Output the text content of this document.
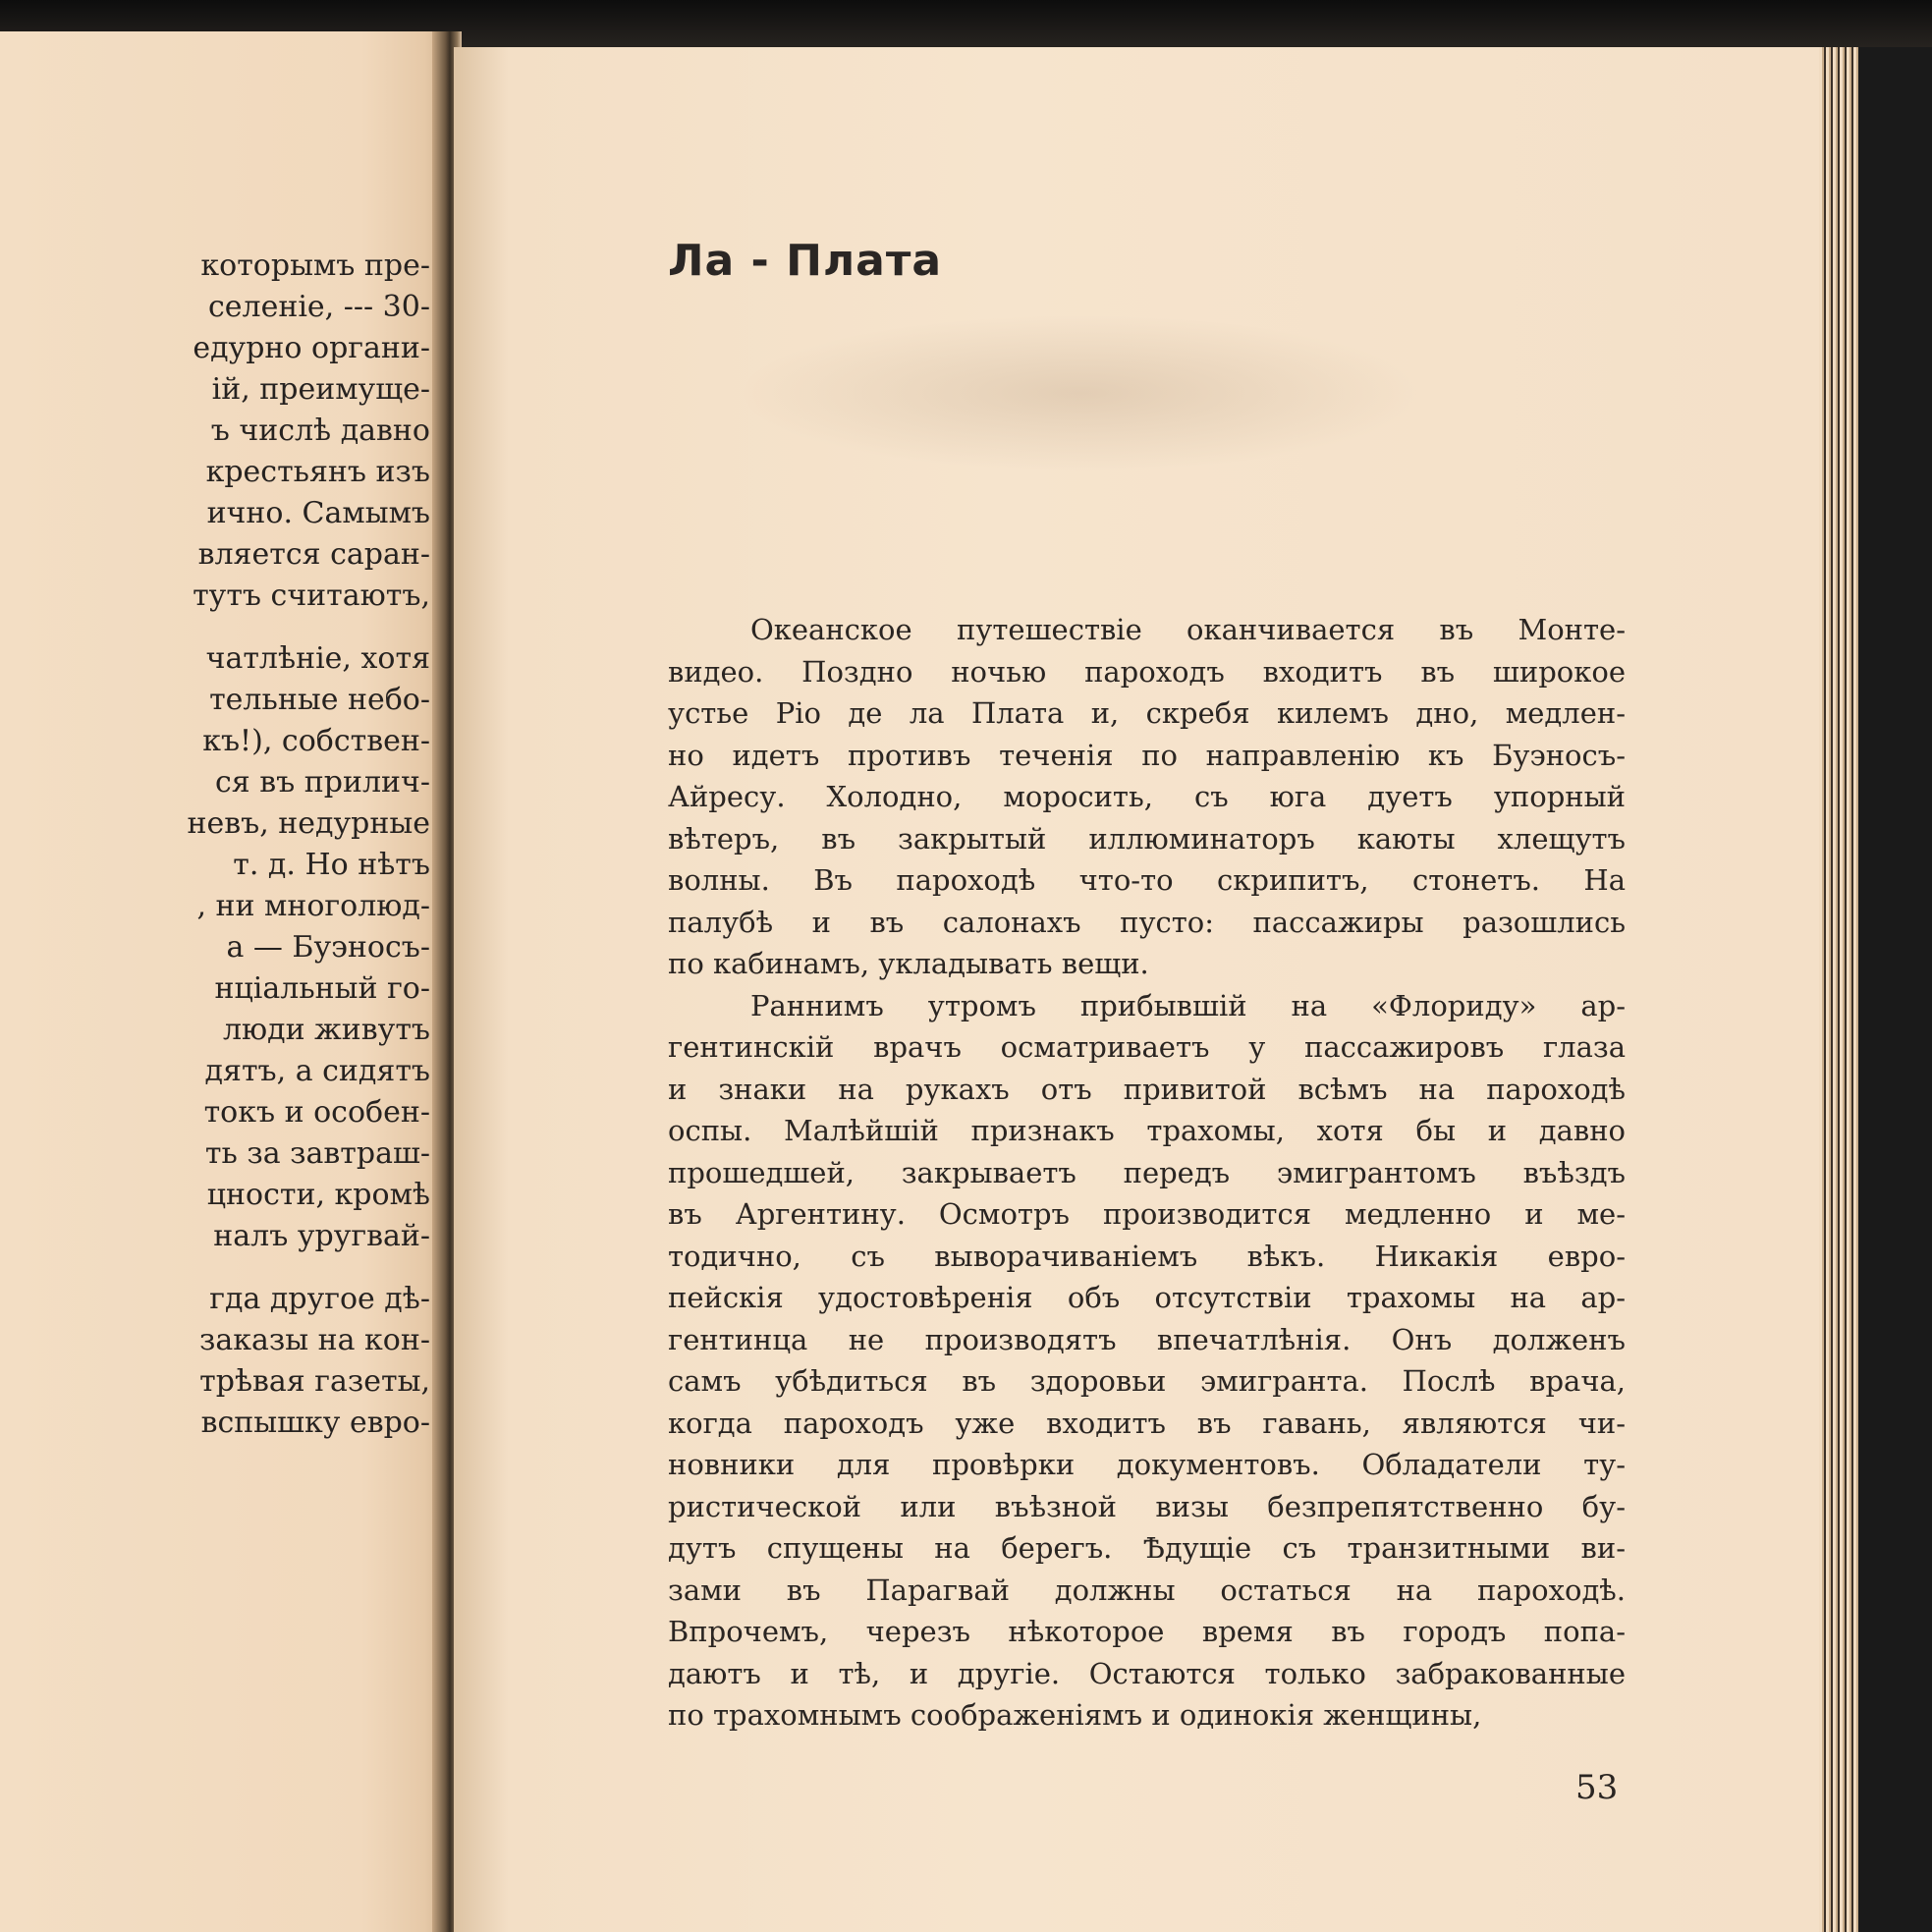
которымъ пре-
селеніе, --- 30-
едурно органи-
ій, преимуще-
ъ числѣ давно
крестьянъ изъ
ично. Самымъ
вляется саран-
тутъ считаютъ,
чатлѣніе, хотя
тельные небо-
къ!), собствен-
ся въ прилич-
невъ, недурные
т. д. Но нѣтъ
, ни многолюд-
а — Буэносъ-
нціальный го-
люди живутъ
дятъ, а сидятъ
токъ и особен-
ть за завтраш-
цности, кромѣ
налъ уругвай-
гда другое дѣ-
заказы на кон-
трѣвая газеты,
вспышку евро-
Ла - Плата
Океанское путешествіе оканчивается въ Монте-
видео. Поздно ночью пароходъ входитъ въ широкое
устье Ріо де ла Плата и, скребя килемъ дно, медлен-
но идетъ противъ теченія по направленію къ Буэносъ-
Айресу. Холодно, моросить, съ юга дуетъ упорный
вѣтеръ, въ закрытый иллюминаторъ каюты хлещутъ
волны. Въ пароходѣ что-то скрипитъ, стонетъ. На
палубѣ и въ салонахъ пусто: пассажиры разошлись
по кабинамъ, укладывать вещи.
Раннимъ утромъ прибывшій на «Флориду» ар-
гентинскій врачъ осматриваетъ у пассажировъ глаза
и знаки на рукахъ отъ привитой всѣмъ на пароходѣ
оспы. Малѣйшій признакъ трахомы, хотя бы и давно
прошедшей, закрываетъ передъ эмигрантомъ въѣздъ
въ Аргентину. Осмотръ производится медленно и ме-
тодично, съ выворачиваніемъ вѣкъ. Никакія евро-
пейскія удостовѣренія объ отсутствіи трахомы на ар-
гентинца не производятъ впечатлѣнія. Онъ долженъ
самъ убѣдиться въ здоровьи эмигранта. Послѣ врача,
когда пароходъ уже входитъ въ гавань, являются чи-
новники для провѣрки документовъ. Обладатели ту-
ристической или въѣзной визы безпрепятственно бу-
дутъ спущены на берегъ. Ѣдущіе съ транзитными ви-
зами въ Парагвай должны остаться на пароходѣ.
Впрочемъ, черезъ нѣкоторое время въ городъ попа-
даютъ и тѣ, и другіе. Остаются только забракованные
по трахомнымъ соображеніямъ и одинокія женщины,
53
